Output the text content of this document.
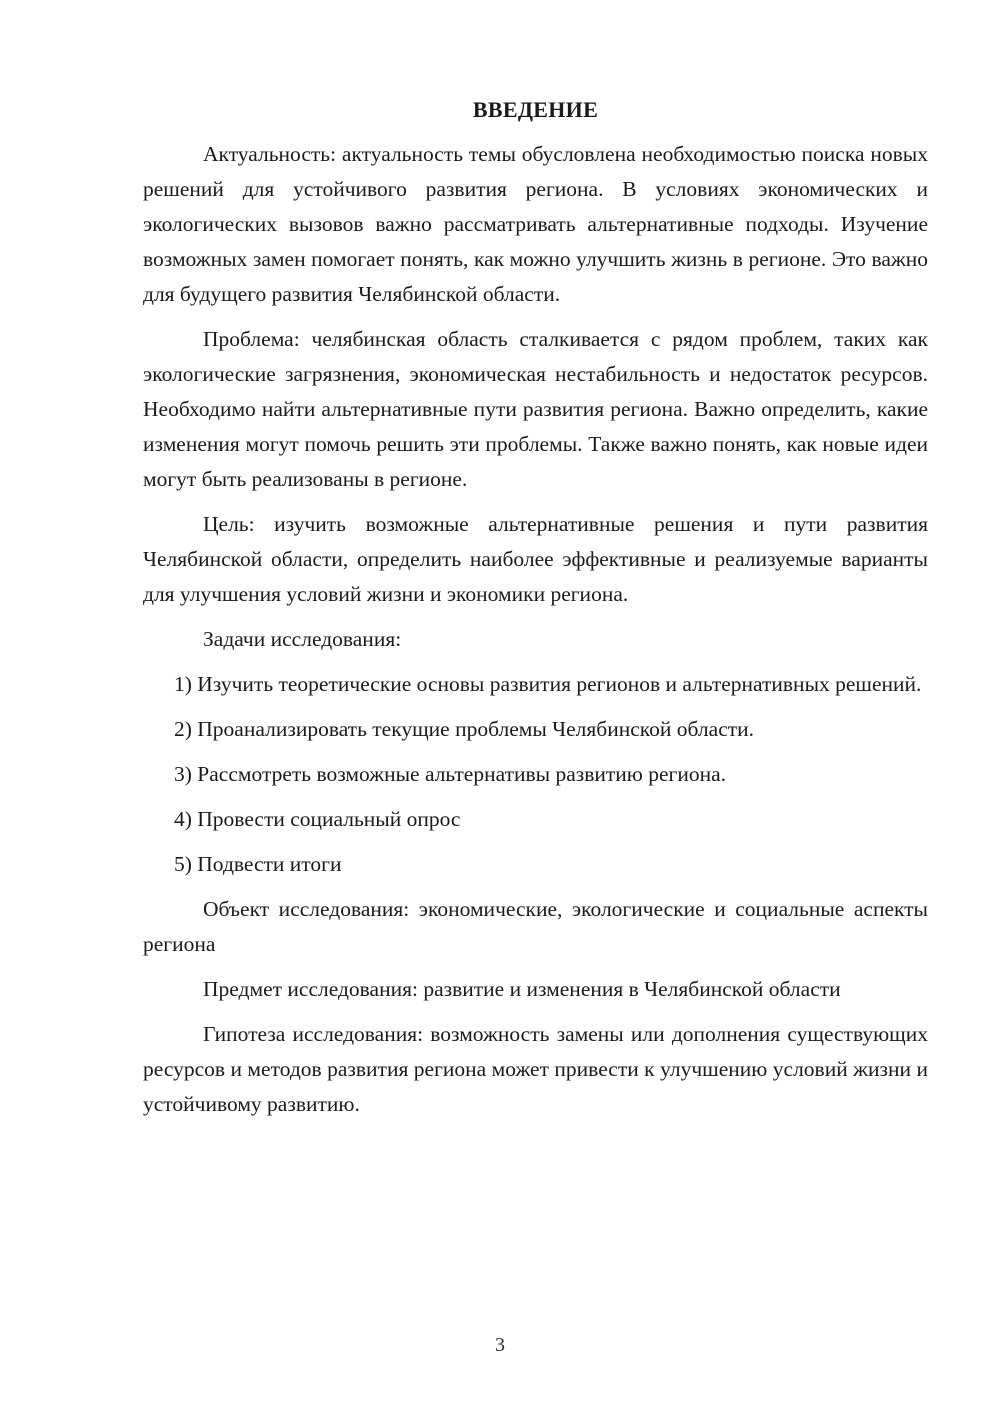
ВВЕДЕНИЕ

Актуальность: актуальность темы обусловлена необходимостью поиска новых решений для устойчивого развития региона. В условиях экономических и экологических вызовов важно рассматривать альтернативные подходы. Изучение возможных замен помогает понять, как можно улучшить жизнь в регионе. Это важно для будущего развития Челябинской области.

Проблема: челябинская область сталкивается с рядом проблем, таких как экологические загрязнения, экономическая нестабильность и недостаток ресурсов. Необходимо найти альтернативные пути развития региона. Важно определить, какие изменения могут помочь решить эти проблемы. Также важно понять, как новые идеи могут быть реализованы в регионе.

Цель: изучить возможные альтернативные решения и пути развития Челябинской области, определить наиболее эффективные и реализуемые варианты для улучшения условий жизни и экономики региона.

Задачи исследования:

1) Изучить теоретические основы развития регионов и альтернативных решений.

2) Проанализировать текущие проблемы Челябинской области.

3) Рассмотреть возможные альтернативы развитию региона.

4) Провести социальный опрос

5) Подвести итоги

Объект исследования: экономические, экологические и социальные аспекты региона

Предмет исследования: развитие и изменения в Челябинской области

Гипотеза исследования: возможность замены или дополнения существующих ресурсов и методов развития региона может привести к улучшению условий жизни и устойчивому развитию.

3
